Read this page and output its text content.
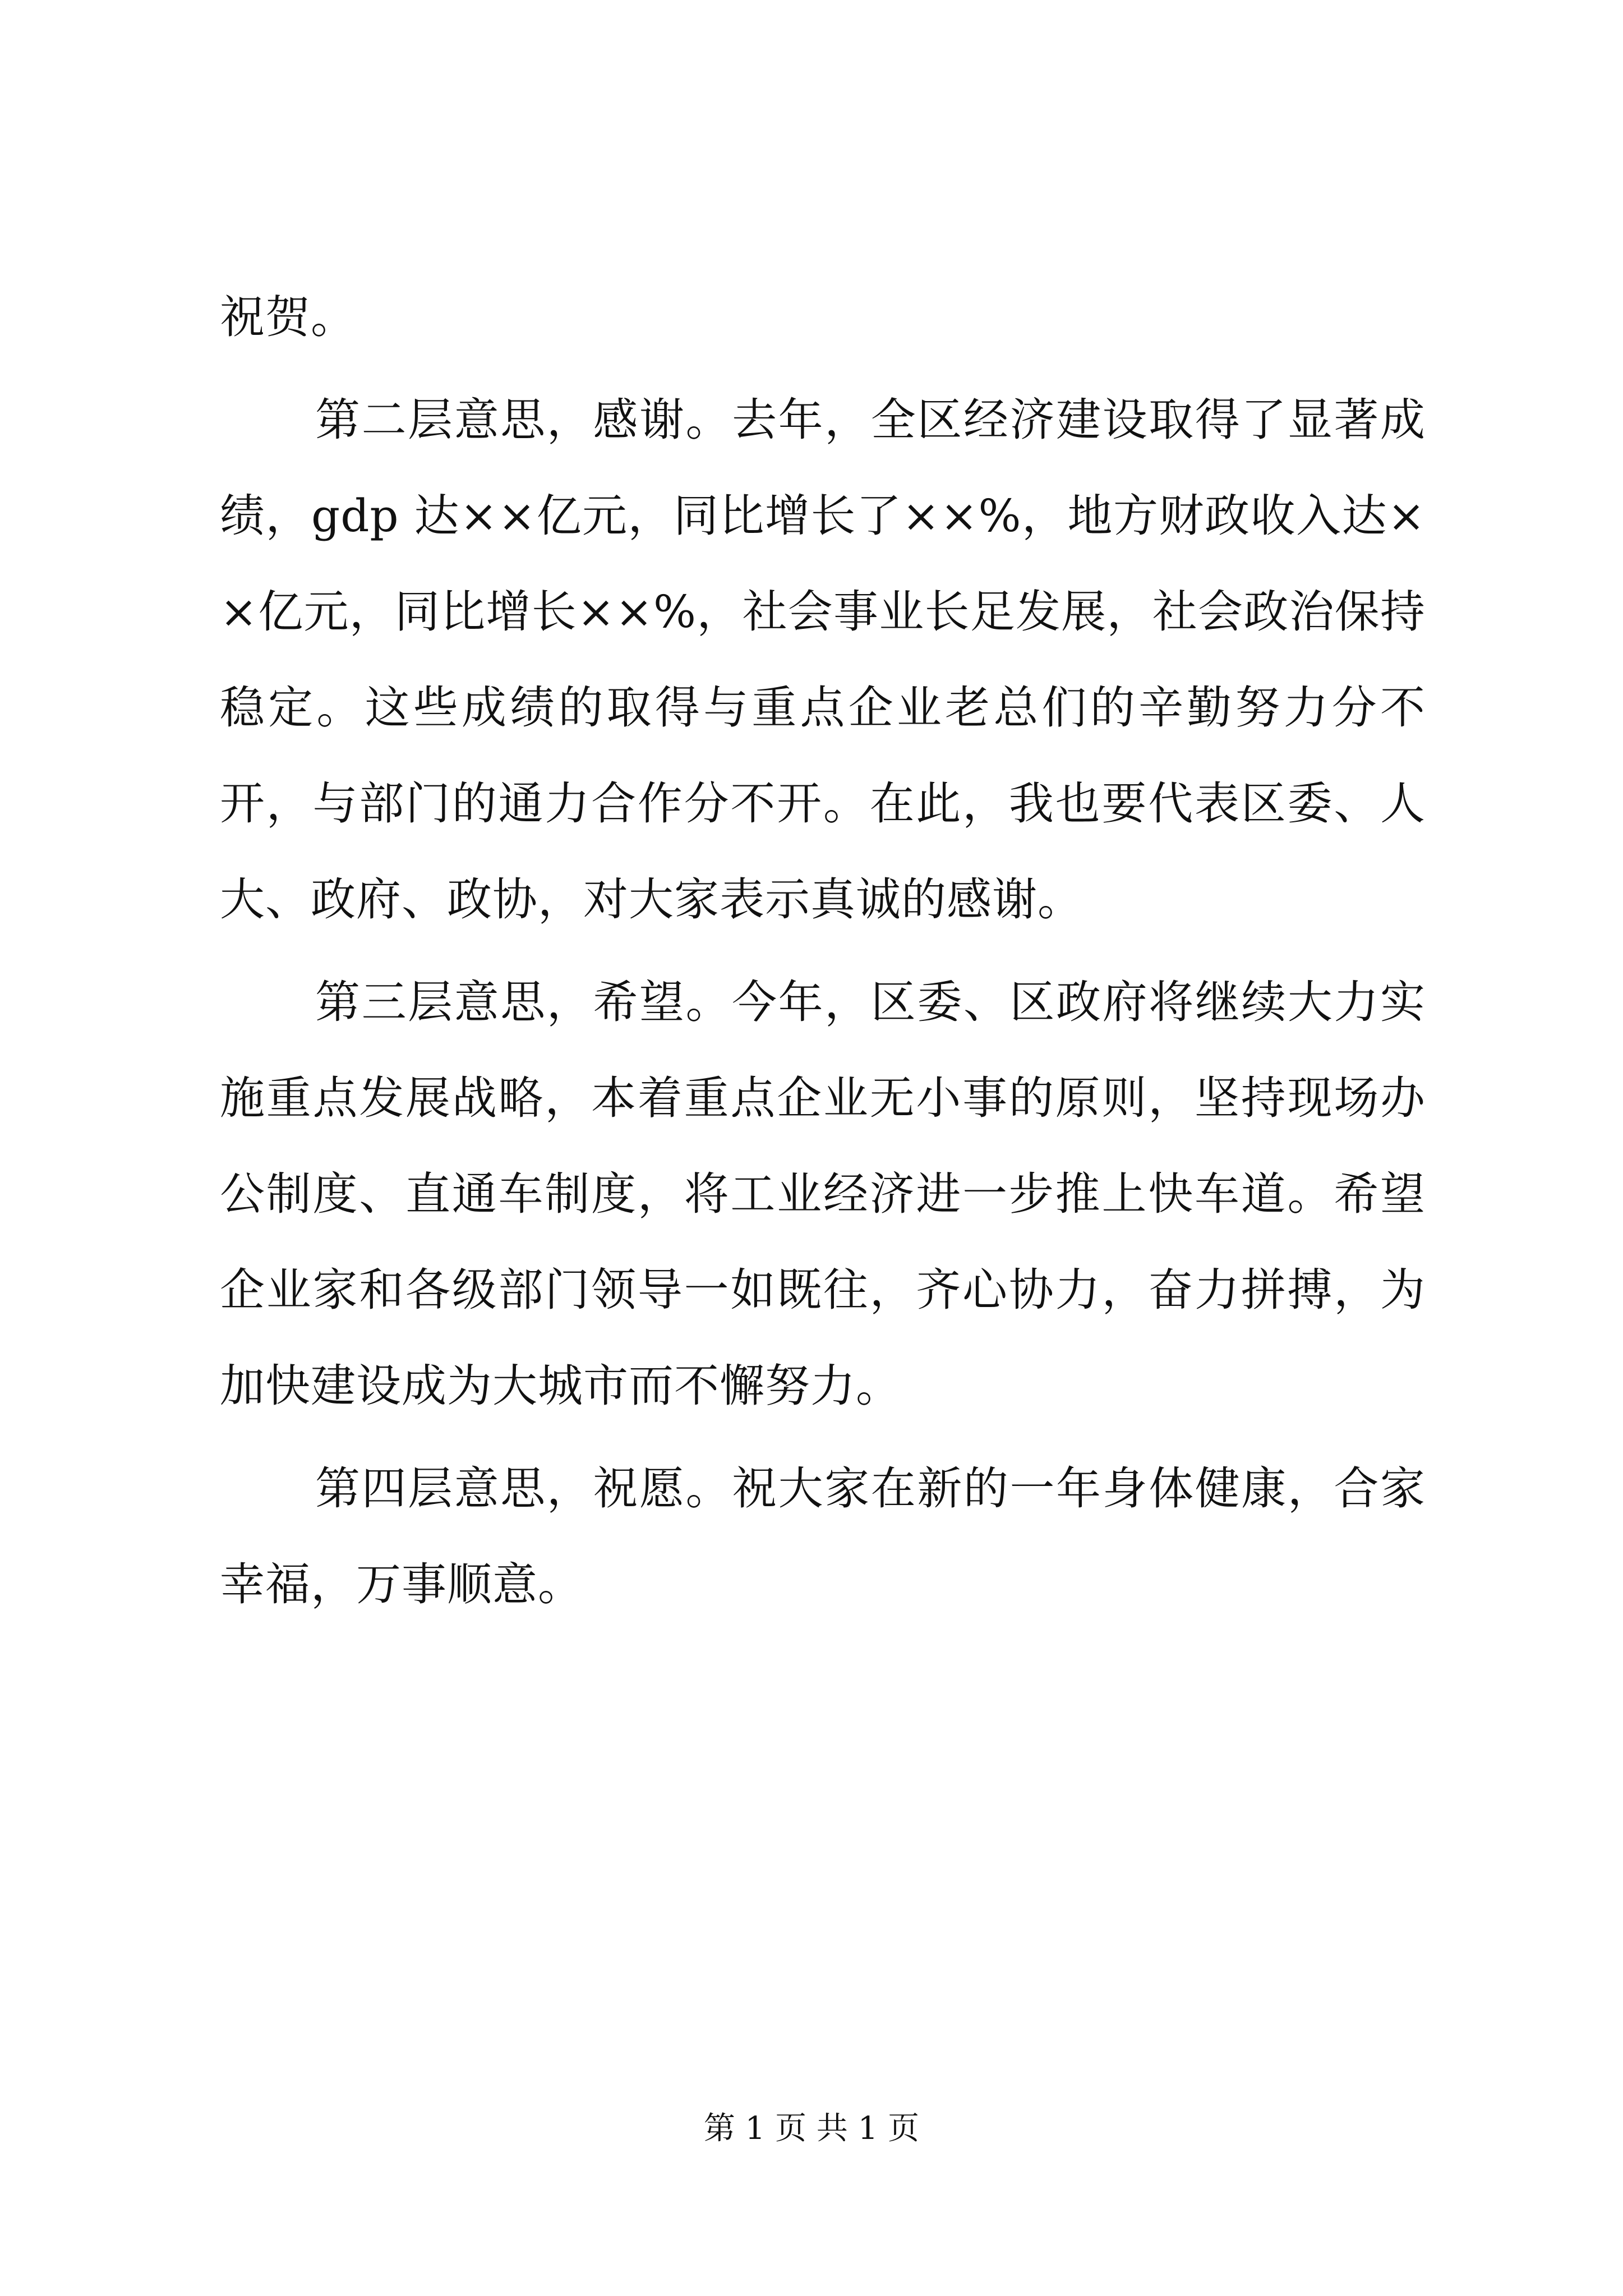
祝贺。

第二层意思，感谢。去年，全区经济建设取得了显著成绩，gdp 达××亿元，同比增长了××%，地方财政收入达××亿元，同比增长××%，社会事业长足发展，社会政治保持稳定。这些成绩的取得与重点企业老总们的辛勤努力分不开，与部门的通力合作分不开。在此，我也要代表区委、人大、政府、政协，对大家表示真诚的感谢。

第三层意思，希望。今年，区委、区政府将继续大力实施重点发展战略，本着重点企业无小事的原则，坚持现场办公制度、直通车制度，将工业经济进一步推上快车道。希望企业家和各级部门领导一如既往，齐心协力，奋力拼搏，为加快建设成为大城市而不懈努力。

第四层意思，祝愿。祝大家在新的一年身体健康，合家幸福，万事顺意。

第 1 页 共 1 页
